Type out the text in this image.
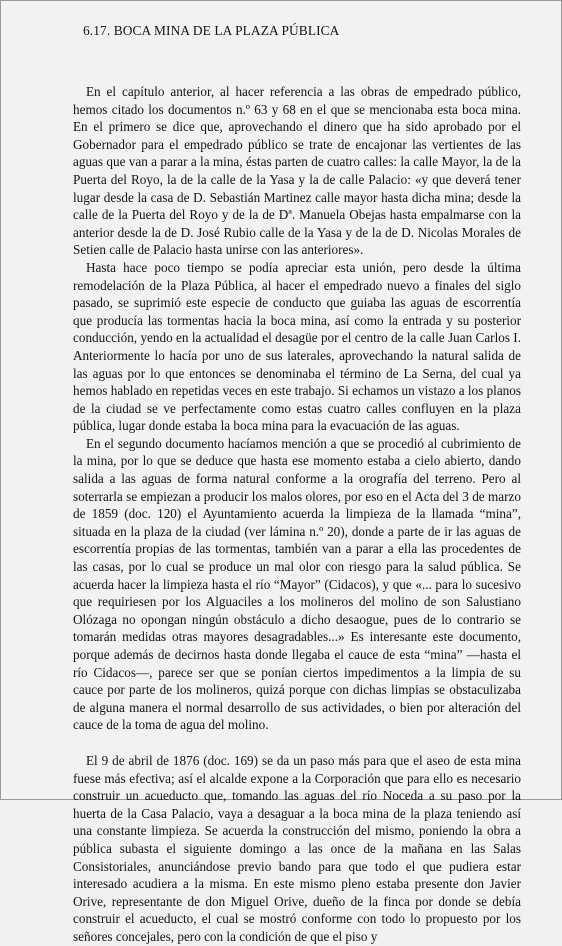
6.17. BOCA MINA DE LA PLAZA PÚBLICA

En el capítulo anterior, al hacer referencia a las obras de empedrado público, hemos citado los documentos n.º 63 y 68 en el que se mencionaba esta boca mina. En el primero se dice que, aprovechando el dinero que ha sido aprobado por el Gobernador para el empedrado público se trate de encajonar las vertientes de las aguas que van a parar a la mina, éstas parten de cuatro calles: la calle Mayor, la de la Puerta del Royo, la de la calle de la Yasa y la de calle Palacio: «y que deverá tener lugar desde la casa de D. Sebastián Martinez calle mayor hasta dicha mina; desde la calle de la Puerta del Royo y de la de Dª. Manuela Obejas hasta empalmarse con la anterior desde la de D. José Rubio calle de la Yasa y de la de D. Nicolas Morales de Setien calle de Palacio hasta unirse con las anteriores».

Hasta hace poco tiempo se podía apreciar esta unión, pero desde la última remodelación de la Plaza Pública, al hacer el empedrado nuevo a finales del siglo pasado, se suprimió este especie de conducto que guiaba las aguas de escorrentía que producía las tormentas hacia la boca mina, así como la entrada y su posterior conducción, yendo en la actualidad el desagüe por el centro de la calle Juan Carlos I. Anteriormente lo hacía por uno de sus laterales, aprovechando la natural salida de las aguas por lo que entonces se denominaba el término de La Serna, del cual ya hemos hablado en repetidas veces en este trabajo. Si echamos un vistazo a los planos de la ciudad se ve perfectamente como estas cuatro calles confluyen en la plaza pública, lugar donde estaba la boca mina para la evacuación de las aguas.

En el segundo documento hacíamos mención a que se procedió al cubrimiento de la mina, por lo que se deduce que hasta ese momento estaba a cielo abierto, dando salida a las aguas de forma natural conforme a la orografía del terreno. Pero al soterrarla se empiezan a producir los malos olores, por eso en el Acta del 3 de marzo de 1859 (doc. 120) el Ayuntamiento acuerda la limpieza de la llamada “mina”, situada en la plaza de la ciudad (ver lámina n.º 20), donde a parte de ir las aguas de escorrentía propias de las tormentas, también van a parar a ella las procedentes de las casas, por lo cual se produce un mal olor con riesgo para la salud pública. Se acuerda hacer la limpieza hasta el río “Mayor” (Cidacos), y que «... para lo sucesivo que requiriesen por los Alguaciles a los molineros del molino de son Salustiano Olózaga no opongan ningún obstáculo a dicho desaogue, pues de lo contrario se tomarán medidas otras mayores desagradables...» Es interesante este documento, porque además de decirnos hasta donde llegaba el cauce de esta “mina” —hasta el río Cidacos—, parece ser que se ponían ciertos impedimentos a la limpia de su cauce por parte de los molineros, quizá porque con dichas limpias se obstaculizaba de alguna manera el normal desarrollo de sus actividades, o bien por alteración del cauce de la toma de agua del molino.

El 9 de abril de 1876 (doc. 169) se da un paso más para que el aseo de esta mina fuese más efectiva; así el alcalde expone a la Corporación que para ello es necesario construir un acueducto que, tomando las aguas del río Noceda a su paso por la huerta de la Casa Palacio, vaya a desaguar a la boca mina de la plaza teniendo así una constante limpieza. Se acuerda la construcción del mismo, poniendo la obra a pública subasta el siguiente domingo a las once de la mañana en las Salas Consistoriales, anunciándose previo bando para que todo el que pudiera estar interesado acudiera a la misma. En este mismo pleno estaba presente don Javier Orive, representante de don Miguel Orive, dueño de la finca por donde se debía construir el acueducto, el cual se mostró conforme con todo lo propuesto por los señores concejales, pero con la condición de que el piso y
